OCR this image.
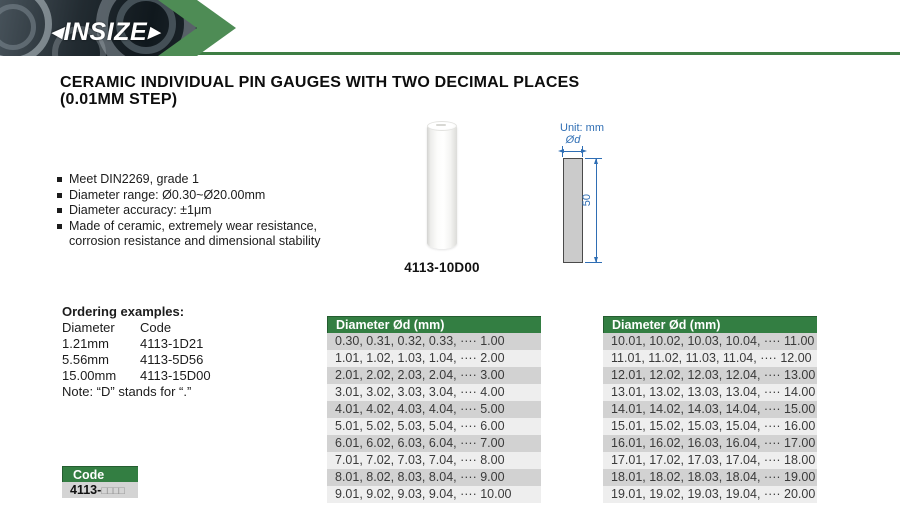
◀ INSIZE ▶
CERAMIC INDIVIDUAL PIN GAUGES WITH TWO DECIMAL PLACES
(0.01MM STEP)
Meet DIN2269, grade 1
Diameter range: Ø0.30~Ø20.00mm
Diameter accuracy: ±1μm
Made of ceramic, extremely wear resistance, corrosion resistance and dimensional stability
4113-10D00
Unit: mm
Ød
50
Ordering examples:
Diameter	Code
1.21mm	4113-1D21
5.56mm	4113-5D56
15.00mm	4113-15D00
Note: “D” stands for “.”
Diameter Ød (mm)
0.30, 0.31, 0.32, 0.33, ···· 1.00
1.01, 1.02, 1.03, 1.04, ···· 2.00
2.01, 2.02, 2.03, 2.04, ···· 3.00
3.01, 3.02, 3.03, 3.04, ···· 4.00
4.01, 4.02, 4.03, 4.04, ···· 5.00
5.01, 5.02, 5.03, 5.04, ···· 6.00
6.01, 6.02, 6.03, 6.04, ···· 7.00
7.01, 7.02, 7.03, 7.04, ···· 8.00
8.01, 8.02, 8.03, 8.04, ···· 9.00
9.01, 9.02, 9.03, 9.04, ···· 10.00
Diameter Ød (mm)
10.01, 10.02, 10.03, 10.04, ···· 11.00
11.01, 11.02, 11.03, 11.04, ···· 12.00
12.01, 12.02, 12.03, 12.04, ···· 13.00
13.01, 13.02, 13.03, 13.04, ···· 14.00
14.01, 14.02, 14.03, 14.04, ···· 15.00
15.01, 15.02, 15.03, 15.04, ···· 16.00
16.01, 16.02, 16.03, 16.04, ···· 17.00
17.01, 17.02, 17.03, 17.04, ···· 18.00
18.01, 18.02, 18.03, 18.04, ···· 19.00
19.01, 19.02, 19.03, 19.04, ···· 20.00
Code
4113- □□□□
